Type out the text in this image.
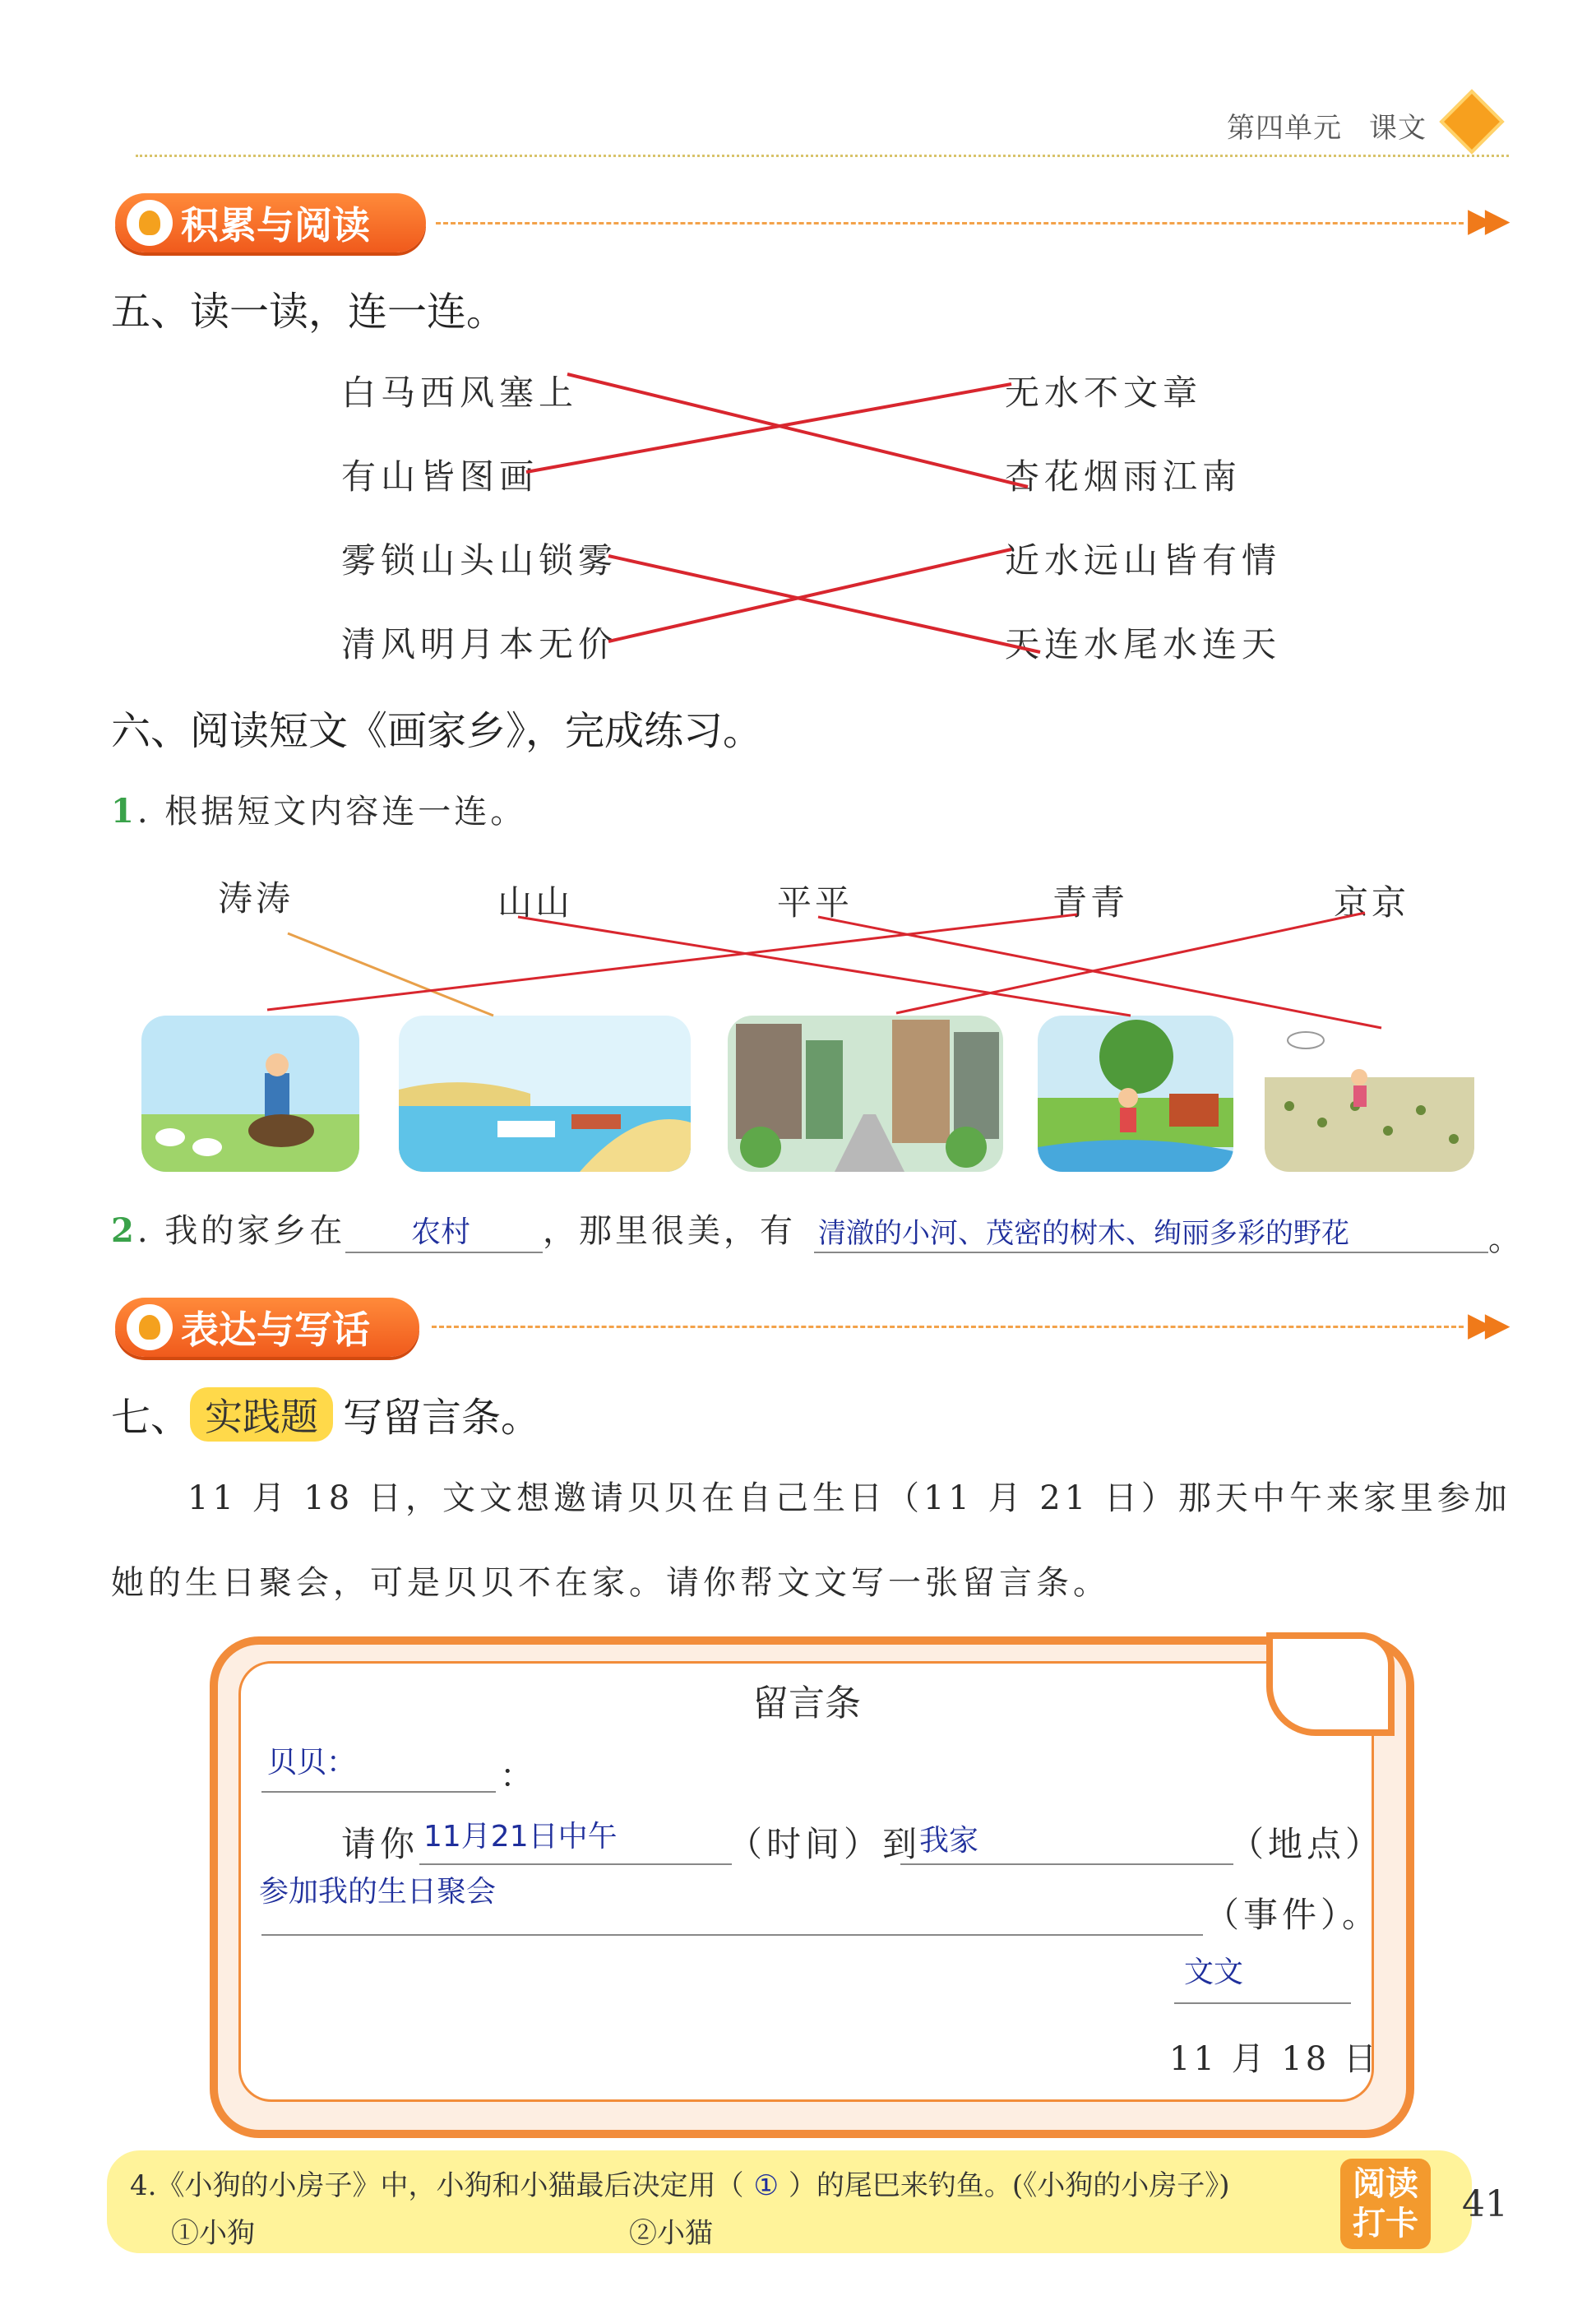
第四单元 课文
积累与阅读	▶▶
五、读一读，连一连。
白马西风塞上
有山皆图画
雾锁山头山锁雾
清风明月本无价
无水不文章
杏花烟雨江南
近水远山皆有情
天连水尾水连天
六、阅读短文《画家乡》，完成练习。
1. 根据短文内容连一连。
涛涛	山山	平平	青青	京京
2. 我的家乡在 农村 ，那里很美，有 清澈的小河、茂密的树木、绚丽多彩的野花	。
表达与写话	▶▶
七、 实践题 写留言条。
11 月 18 日，文文想邀请贝贝在自己生日（11 月 21 日）那天中午来家里参加
她的生日聚会，可是贝贝不在家。请你帮文文写一张留言条。
留言条
贝贝：	：
请你 11月21日中午	（时间）到
我家	（地点）
参加我的生日聚会
（事件）。
文文
11 月 18 日
4.《小狗的小房子》中，小狗和小猫最后决定用（ ① ）的尾巴来钓鱼。(《小狗的小房子》)
①小狗	②小猫
阅读
打卡	41
